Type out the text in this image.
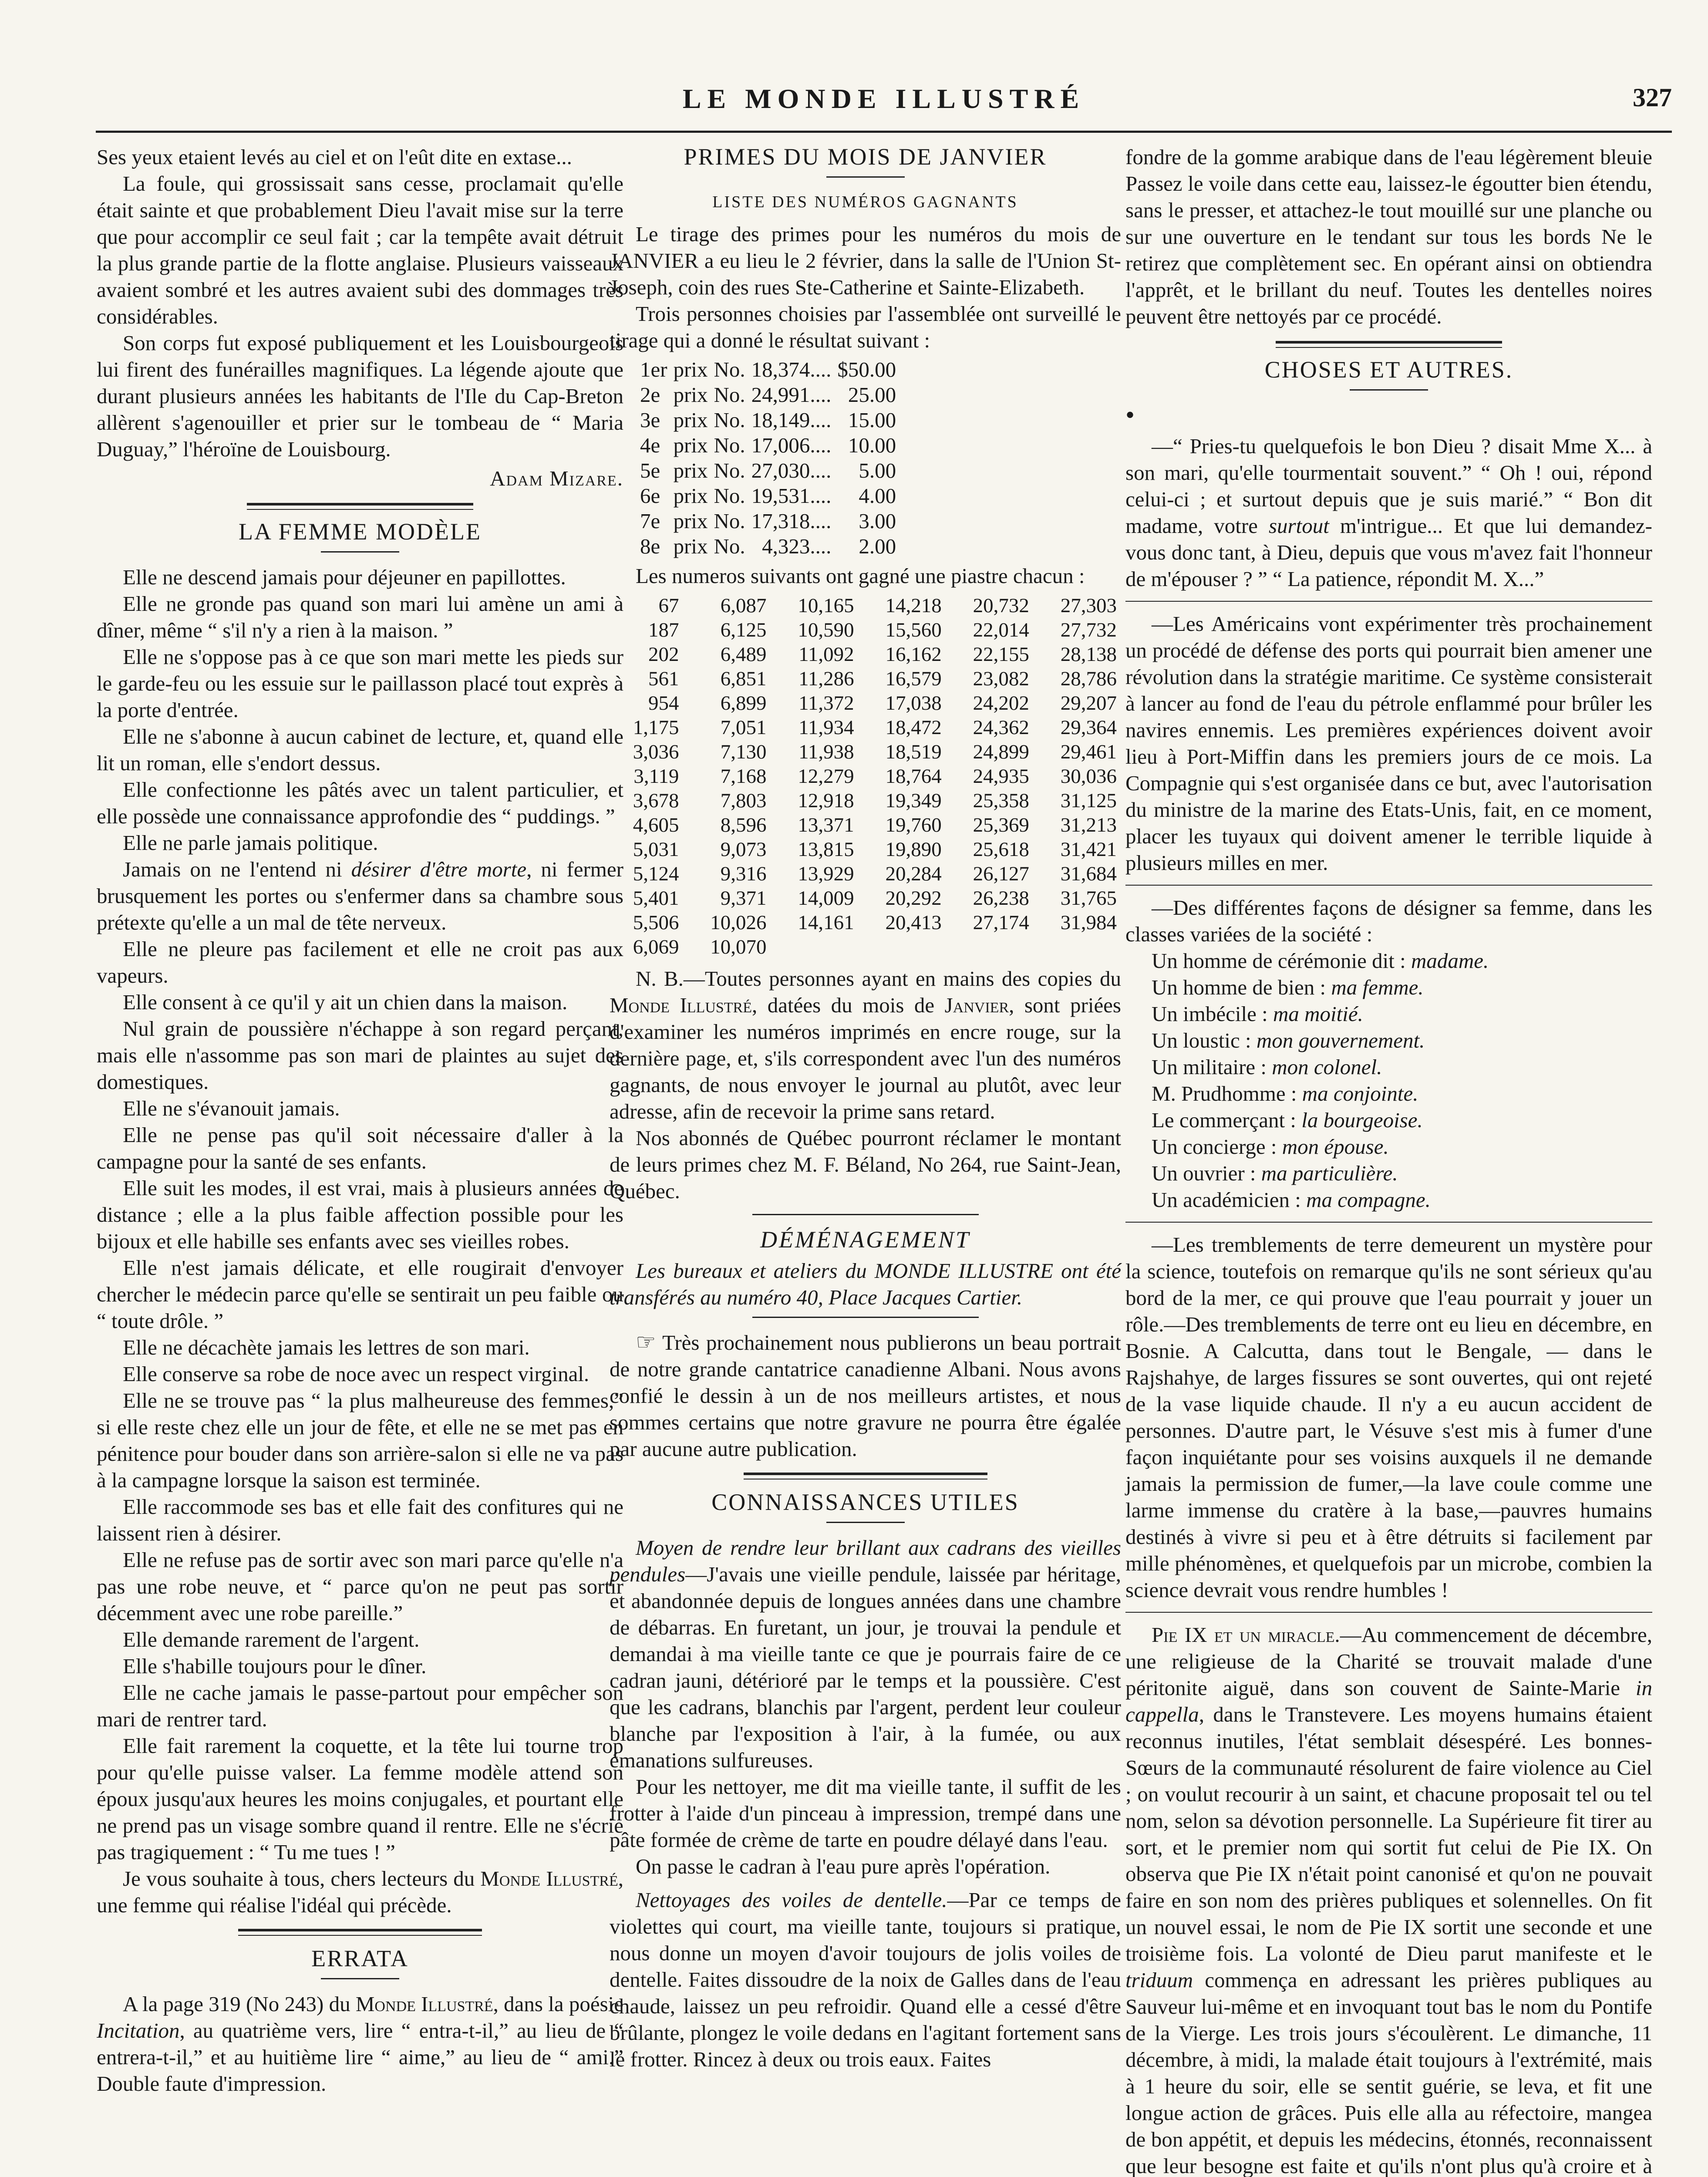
LE MONDE ILLUSTRÉ	327

Ses yeux etaient levés au ciel et on l'eût dite en extase...

La foule, qui grossissait sans cesse, proclamait qu'elle était sainte et que probablement Dieu l'avait mise sur la terre que pour accomplir ce seul fait ; car la tempête avait détruit la plus grande partie de la flotte anglaise. Plusieurs vaisseaux avaient sombré et les autres avaient subi des dommages très considérables.

Son corps fut exposé publiquement et les Louisbourgeois lui firent des funérailles magnifiques. La légende ajoute que durant plusieurs années les habitants de l'Ile du Cap-Breton allèrent s'agenouiller et prier sur le tombeau de “ Maria Duguay,” l'héroïne de Louisbourg.

Adam Mizare.
LA FEMME MODÈLE

Elle ne descend jamais pour déjeuner en papillottes.

Elle ne gronde pas quand son mari lui amène un ami à dîner, même “ s'il n'y a rien à la maison. ”

Elle ne s'oppose pas à ce que son mari mette les pieds sur le garde-feu ou les essuie sur le paillasson placé tout exprès à la porte d'entrée.

Elle ne s'abonne à aucun cabinet de lecture, et, quand elle lit un roman, elle s'endort dessus.

Elle confectionne les pâtés avec un talent particulier, et elle possède une connaissance approfondie des “ puddings. ”

Elle ne parle jamais politique.

Jamais on ne l'entend ni désirer d'être morte, ni fermer brusquement les portes ou s'enfermer dans sa chambre sous prétexte qu'elle a un mal de tête nerveux.

Elle ne pleure pas facilement et elle ne croit pas aux vapeurs.

Elle consent à ce qu'il y ait un chien dans la maison.

Nul grain de poussière n'échappe à son regard perçant, mais elle n'assomme pas son mari de plaintes au sujet des domestiques.

Elle ne s'évanouit jamais.

Elle ne pense pas qu'il soit nécessaire d'aller à la campagne pour la santé de ses enfants.

Elle suit les modes, il est vrai, mais à plusieurs années de distance ; elle a la plus faible affection possible pour les bijoux et elle habille ses enfants avec ses vieilles robes.

Elle n'est jamais délicate, et elle rougirait d'envoyer chercher le médecin parce qu'elle se sentirait un peu faible ou “ toute drôle. ”

Elle ne décachète jamais les lettres de son mari.

Elle conserve sa robe de noce avec un respect virginal.

Elle ne se trouve pas “ la plus malheureuse des femmes,” si elle reste chez elle un jour de fête, et elle ne se met pas en pénitence pour bouder dans son arrière-salon si elle ne va pas à la campagne lorsque la saison est terminée.

Elle raccommode ses bas et elle fait des confitures qui ne laissent rien à désirer.

Elle ne refuse pas de sortir avec son mari parce qu'elle n'a pas une robe neuve, et “ parce qu'on ne peut pas sortir décemment avec une robe pareille.”

Elle demande rarement de l'argent.

Elle s'habille toujours pour le dîner.

Elle ne cache jamais le passe-partout pour empêcher son mari de rentrer tard.

Elle fait rarement la coquette, et la tête lui tourne trop pour qu'elle puisse valser. La femme modèle attend son époux jusqu'aux heures les moins conjugales, et pourtant elle ne prend pas un visage sombre quand il rentre. Elle ne s'écrie pas tragiquement : “ Tu me tues ! ”

Je vous souhaite à tous, chers lecteurs du Monde Illustré, une femme qui réalise l'idéal qui précède.

ERRATA

A la page 319 (No 243) du Monde Illustré, dans la poésie Incitation, au quatrième vers, lire “ entra-t-il,” au lieu de “ entrera-t-il,” et au huitième lire “ aime,” au lieu de “ ami.” Double faute d'impression.

PRIMES DU MOIS DE JANVIER
LISTE DES NUMÉROS GAGNANTS

Le tirage des primes pour les numéros du mois de JANVIER a eu lieu le 2 février, dans la salle de l'Union St-Joseph, coin des rues Ste-Catherine et Sainte-Elizabeth.

Trois personnes choisies par l'assemblée ont surveillé le tirage qui a donné le résultat suivant :

1er	prix	No.	18,374....	$50.00
2e	prix	No.	24,991....	25.00
3e	prix	No.	18,149....	15.00
4e	prix	No.	17,006....	10.00
5e	prix	No.	27,030....	5.00
6e	prix	No.	19,531....	4.00
7e	prix	No.	17,318....	3.00
8e	prix	No.	4,323....	2.00

Les numeros suivants ont gagné une piastre chacun :

67	6,087	10,165	14,218	20,732	27,303
187	6,125	10,590	15,560	22,014	27,732
202	6,489	11,092	16,162	22,155	28,138
561	6,851	11,286	16,579	23,082	28,786
954	6,899	11,372	17,038	24,202	29,207
1,175	7,051	11,934	18,472	24,362	29,364
3,036	7,130	11,938	18,519	24,899	29,461
3,119	7,168	12,279	18,764	24,935	30,036
3,678	7,803	12,918	19,349	25,358	31,125
4,605	8,596	13,371	19,760	25,369	31,213
5,031	9,073	13,815	19,890	25,618	31,421
5,124	9,316	13,929	20,284	26,127	31,684
5,401	9,371	14,009	20,292	26,238	31,765
5,506	10,026	14,161	20,413	27,174	31,984
6,069	10,070				

N. B.—Toutes personnes ayant en mains des copies du Monde Illustré, datées du mois de Janvier, sont priées d'examiner les numéros imprimés en encre rouge, sur la dernière page, et, s'ils correspondent avec l'un des numéros gagnants, de nous envoyer le journal au plutôt, avec leur adresse, afin de recevoir la prime sans retard.

Nos abonnés de Québec pourront réclamer le montant de leurs primes chez M. F. Béland, No 264, rue Saint-Jean, Québec.

DÉMÉNAGEMENT

Les bureaux et ateliers du MONDE ILLUSTRE ont été transférés au numéro 40, Place Jacques Cartier.

☞ Très prochainement nous publierons un beau portrait de notre grande cantatrice canadienne Albani. Nous avons confié le dessin à un de nos meilleurs artistes, et nous sommes certains que notre gravure ne pourra être égalée par aucune autre publication.

CONNAISSANCES UTILES

Moyen de rendre leur brillant aux cadrans des vieilles pendules—J'avais une vieille pendule, laissée par héritage, et abandonnée depuis de longues années dans une chambre de débarras. En furetant, un jour, je trouvai la pendule et demandai à ma vieille tante ce que je pourrais faire de ce cadran jauni, détérioré par le temps et la poussière. C'est que les cadrans, blanchis par l'argent, perdent leur couleur blanche par l'exposition à l'air, à la fumée, ou aux émanations sulfureuses.

Pour les nettoyer, me dit ma vieille tante, il suffit de les frotter à l'aide d'un pinceau à impression, trempé dans une pâte formée de crème de tarte en poudre délayé dans l'eau.

On passe le cadran à l'eau pure après l'opération.

Nettoyages des voiles de dentelle.—Par ce temps de violettes qui court, ma vieille tante, toujours si pratique, nous donne un moyen d'avoir toujours de jolis voiles de dentelle. Faites dissoudre de la noix de Galles dans de l'eau chaude, laissez un peu refroidir. Quand elle a cessé d'être brûlante, plongez le voile dedans en l'agitant fortement sans le frotter. Rincez à deux ou trois eaux. Faites

fondre de la gomme arabique dans de l'eau légèrement bleuie Passez le voile dans cette eau, laissez-le égoutter bien étendu, sans le presser, et attachez-le tout mouillé sur une planche ou sur une ouverture en le tendant sur tous les bords Ne le retirez que complètement sec. En opérant ainsi on obtiendra l'apprêt, et le brillant du neuf. Toutes les dentelles noires peuvent être nettoyés par ce procédé.

CHOSES ET AUTRES.
•

—“ Pries-tu quelquefois le bon Dieu ? disait Mme X... à son mari, qu'elle tourmentait souvent.” “ Oh ! oui, répond celui-ci ; et surtout depuis que je suis marié.” “ Bon dit madame, votre surtout m'intrigue... Et que lui demandez-vous donc tant, à Dieu, depuis que vous m'avez fait l'honneur de m'épouser ? ” “ La patience, répondit M. X...”

—Les Américains vont expérimenter très prochainement un procédé de défense des ports qui pourrait bien amener une révolution dans la stratégie maritime. Ce système consisterait à lancer au fond de l'eau du pétrole enflammé pour brûler les navires ennemis. Les premières expériences doivent avoir lieu à Port-Miffin dans les premiers jours de ce mois. La Compagnie qui s'est organisée dans ce but, avec l'autorisation du ministre de la marine des Etats-Unis, fait, en ce moment, placer les tuyaux qui doivent amener le terrible liquide à plusieurs milles en mer.

—Des différentes façons de désigner sa femme, dans les classes variées de la société :

Un homme de cérémonie dit : madame.
Un homme de bien : ma femme.
Un imbécile : ma moitié.
Un loustic : mon gouvernement.
Un militaire : mon colonel.
M. Prudhomme : ma conjointe.
Le commerçant : la bourgeoise.
Un concierge : mon épouse.
Un ouvrier : ma particulière.
Un académicien : ma compagne.

—Les tremblements de terre demeurent un mystère pour la science, toutefois on remarque qu'ils ne sont sérieux qu'au bord de la mer, ce qui prouve que l'eau pourrait y jouer un rôle.—Des tremblements de terre ont eu lieu en décembre, en Bosnie. A Calcutta, dans tout le Bengale, — dans le Rajshahye, de larges fissures se sont ouvertes, qui ont rejeté de la vase liquide chaude. Il n'y a eu aucun accident de personnes. D'autre part, le Vésuve s'est mis à fumer d'une façon inquiétante pour ses voisins auxquels il ne demande jamais la permission de fumer,—la lave coule comme une larme immense du cratère à la base,—pauvres humains destinés à vivre si peu et à être détruits si facilement par mille phénomènes, et quelquefois par un microbe, combien la science devrait vous rendre humbles !

Pie IX et un miracle.—Au commencement de décembre, une religieuse de la Charité se trouvait malade d'une péritonite aiguë, dans son couvent de Sainte-Marie in cappella, dans le Transtevere. Les moyens humains étaient reconnus inutiles, l'état semblait désespéré. Les bonnes-Sœurs de la communauté résolurent de faire violence au Ciel ; on voulut recourir à un saint, et chacune proposait tel ou tel nom, selon sa dévotion personnelle. La Supérieure fit tirer au sort, et le premier nom qui sortit fut celui de Pie IX. On observa que Pie IX n'était point canonisé et qu'on ne pouvait faire en son nom des prières publiques et solennelles. On fit un nouvel essai, le nom de Pie IX sortit une seconde et une troisième fois. La volonté de Dieu parut manifeste et le triduum commença en adressant les prières publiques au Sauveur lui-même et en invoquant tout bas le nom du Pontife de la Vierge. Les trois jours s'écoulèrent. Le dimanche, 11 décembre, à midi, la malade était toujours à l'extrémité, mais à 1 heure du soir, elle se sentit guérie, se leva, et fit une longue action de grâces. Puis elle alla au réfectoire, mangea de bon appétit, et depuis les médecins, étonnés, reconnaissent que leur besogne est faite et qu'ils n'ont plus qu'à croire et à
